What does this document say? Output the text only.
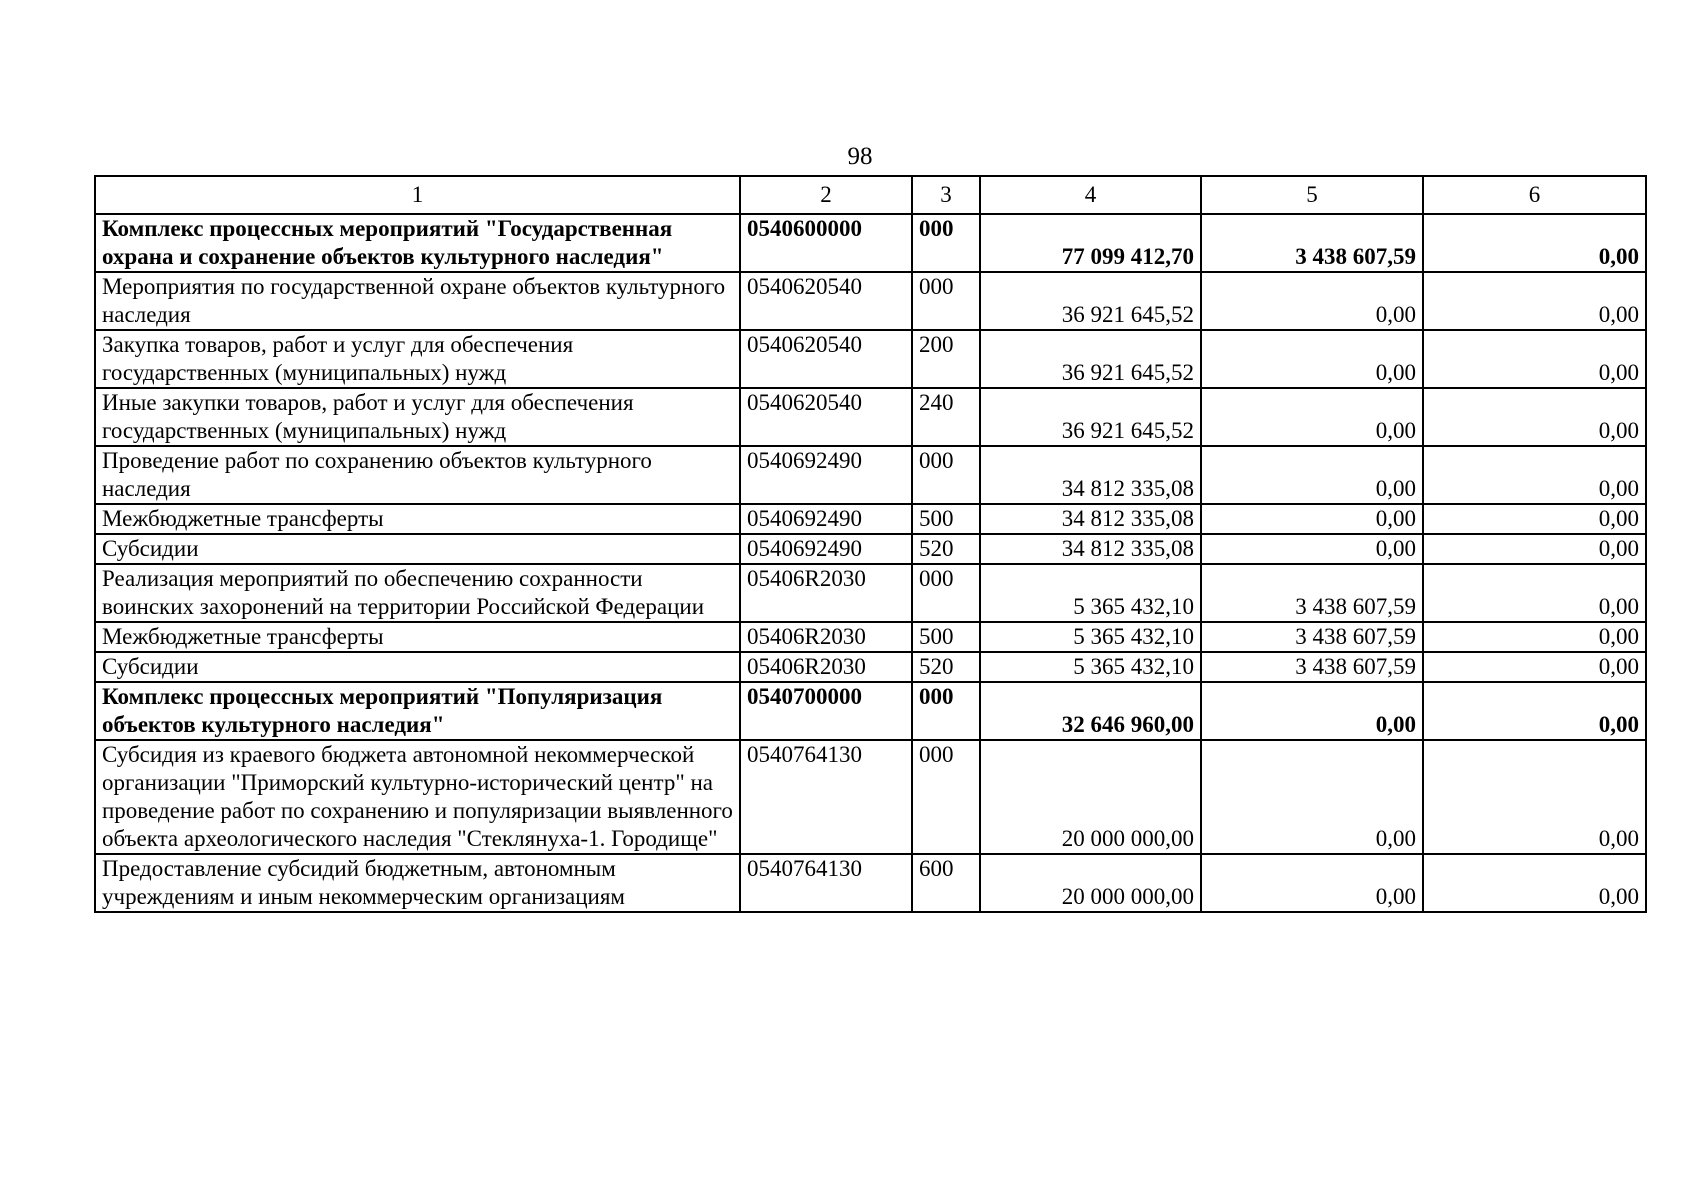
98
1	2	3	4	5	6
Комплекс процессных мероприятий "Государственная охрана и сохранение объектов культурного наследия"	0540600000	000	77 099 412,70	3 438 607,59	0,00
Мероприятия по государственной охране объектов культурного наследия	0540620540	000	36 921 645,52	0,00	0,00
Закупка товаров, работ и услуг для обеспечения государственных (муниципальных) нужд	0540620540	200	36 921 645,52	0,00	0,00
Иные закупки товаров, работ и услуг для обеспечения государственных (муниципальных) нужд	0540620540	240	36 921 645,52	0,00	0,00
Проведение работ по сохранению объектов культурного наследия	0540692490	000	34 812 335,08	0,00	0,00
Межбюджетные трансферты	0540692490	500	34 812 335,08	0,00	0,00
Субсидии	0540692490	520	34 812 335,08	0,00	0,00
Реализация мероприятий по обеспечению сохранности воинских захоронений на территории Российской Федерации	05406R2030	000	5 365 432,10	3 438 607,59	0,00
Межбюджетные трансферты	05406R2030	500	5 365 432,10	3 438 607,59	0,00
Субсидии	05406R2030	520	5 365 432,10	3 438 607,59	0,00
Комплекс процессных мероприятий "Популяризация объектов культурного наследия"	0540700000	000	32 646 960,00	0,00	0,00
Субсидия из краевого бюджета автономной некоммерческой организации "Приморский культурно-исторический центр" на проведение работ по сохранению и популяризации выявленного объекта археологического наследия "Стеклянуха-1. Городище"	0540764130	000	20 000 000,00	0,00	0,00
Предоставление субсидий бюджетным, автономным учреждениям и иным некоммерческим организациям	0540764130	600	20 000 000,00	0,00	0,00
